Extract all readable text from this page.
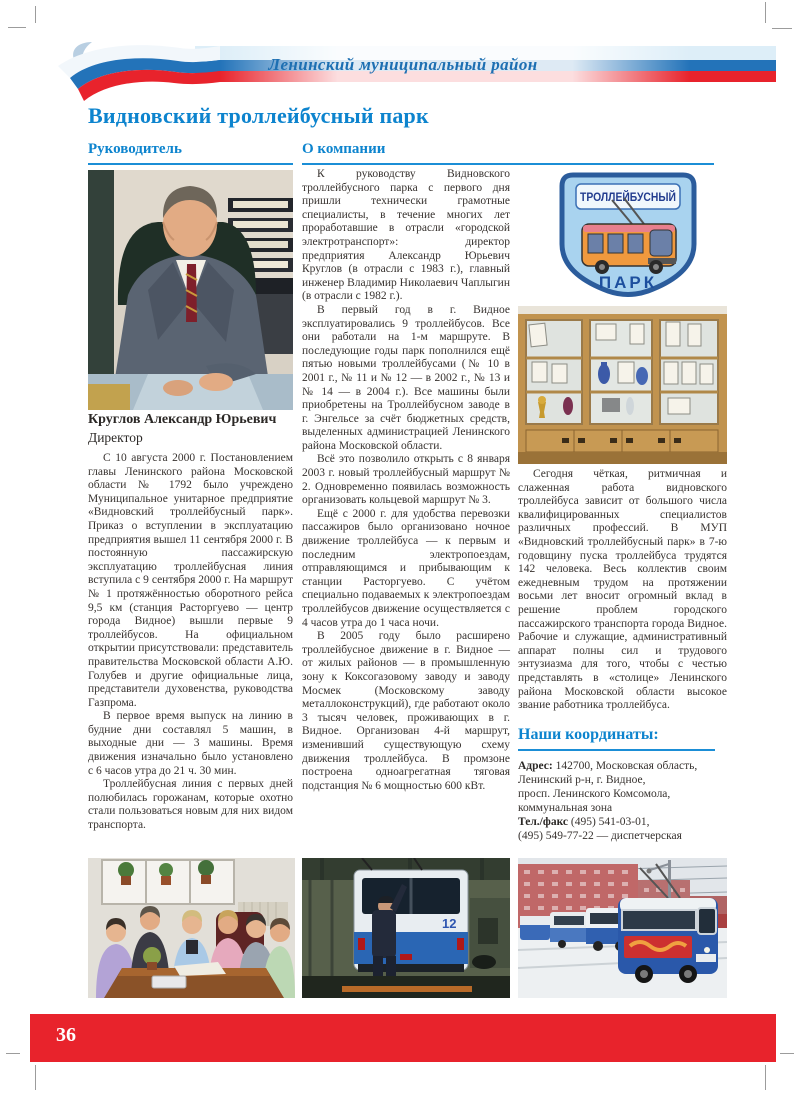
Ленинский муниципальный район
Видновский троллейбусный парк
Руководитель	О компании
Круглов Александр Юрьевич
Директор

С 10 августа 2000 г. Постановлением главы Ленинского района Московской области № 1792 было учреждено Муниципальное унитарное предприятие «Видновский троллейбусный парк». Приказ о вступлении в эксплуатацию предприятия вышел 11 сентября 2000 г. В постоянную пассажирскую эксплуатацию троллейбусная линия вступила с 9 сентября 2000 г. На маршрут № 1 протяжённостью оборотного рейса 9,5 км (станция Расторгуево — центр города Видное) вышли первые 9 троллейбусов. На официальном открытии присутствовали: представитель правительства Московской области А.Ю. Голубев и другие официальные лица, представители духовенства, руководства Газпрома.

В первое время выпуск на линию в будние дни составлял 5 машин, в выходные дни — 3 машины. Время движения изначально было установлено с 6 часов утра до 21 ч. 30 мин.

Троллейбусная линия с первых дней полюбилась горожанам, которые охотно стали пользоваться новым для них видом транспорта.

К руководству Видновского троллейбусного парка с первого дня пришли технически грамотные специалисты, в течение многих лет проработавшие в отрасли «городской электротранспорт»: директор предприятия Александр Юрьевич Круглов (в отрасли с 1983 г.), главный инженер Владимир Николаевич Чаплыгин (в отрасли с 1982 г.).

В первый год в г. Видное эксплуатировались 9 троллейбусов. Все они работали на 1-м маршруте. В последующие годы парк пополнился ещё пятью новыми троллейбусами (№ 10 в 2001 г., № 11 и № 12 — в 2002 г., № 13 и № 14 — в 2004 г.). Все машины были приобретены на Троллейбусном заводе в г. Энгельсе за счёт бюджетных средств, выделенных администрацией Ленинского района Московской области.

Всё это позволило открыть с 8 января 2003 г. новый троллейбусный маршрут № 2. Одновременно появилась возможность организовать кольцевой маршрут № 3.

Ещё с 2000 г. для удобства перевозки пассажиров было организовано ночное движение троллейбуса — к первым и последним электропоездам, отправляющимся и прибывающим к станции Расторгуево. С учётом специально подаваемых к электропоездам троллейбусов движение осуществляется с 4 часов утра до 1 часа ночи.

В 2005 году было расширено троллейбусное движение в г. Видное — от жилых районов — в промышленную зону к Коксогазовому заводу и заводу Мосмек (Московскому заводу металлоконструкций), где работают около 3 тысяч человек, проживающих в г. Видное. Организован 4-й маршрут, изменивший существующую схему движения троллейбуса. В промзоне построена одноагрегатная тяговая подстанция № 6 мощностью 600 кВт.

ТРОЛЛЕЙБУСНЫЙ
ПАРК

Сегодня чёткая, ритмичная и слаженная работа видновского троллейбуса зависит от большого числа квалифицированных специалистов различных профессий. В МУП «Видновский троллейбусный парк» в 7-ю годовщину пуска троллейбуса трудятся 142 человека. Весь коллектив своим ежедневным трудом на протяжении восьми лет вносит огромный вклад в решение проблем городского пассажирского транспорта города Видное. Рабочие и служащие, административный аппарат полны сил и трудового энтузиазма для того, чтобы с честью представлять в «столице» Ленинского района Московской области высокое звание работника троллейбуса.

Наши координаты:
Адрес: 142700, Московская область,
Ленинский р-н, г. Видное,
просп. Ленинского Комсомола,
коммунальная зона
Тел./факс (495) 541-03-01,
(495) 549-77-22 — диспетчерская
12
36
